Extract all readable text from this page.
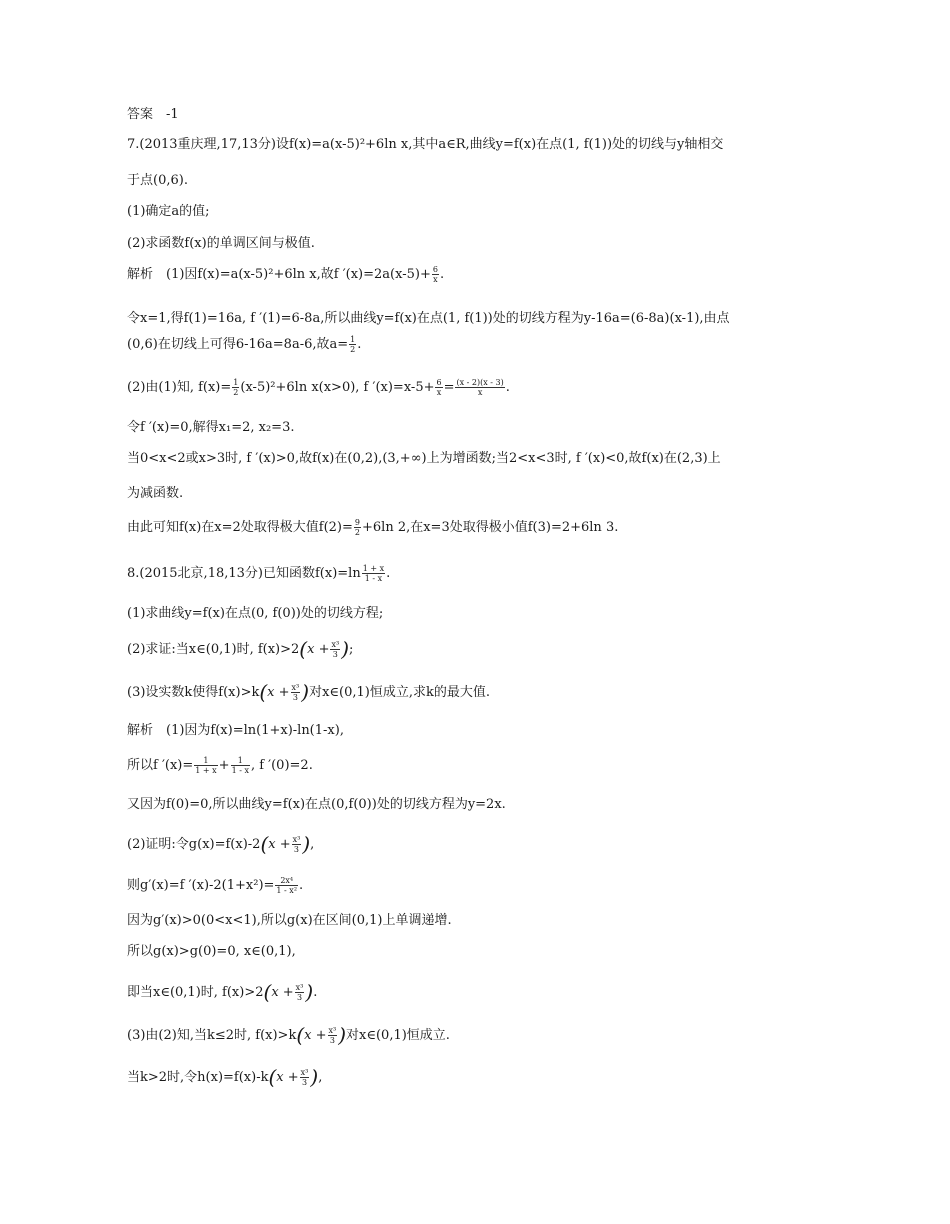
答案　-1
7.(2013重庆理,17,13分)设f(x)=a(x-5)²+6ln x,其中a∈R,曲线y=f(x)在点(1, f(1))处的切线与y轴相交
于点(0,6).
(1)确定a的值;
(2)求函数f(x)的单调区间与极值.
解析　(1)因f(x)=a(x-5)²+6ln x,故f $'(x)=2a(x-5)+ \frac{6}{x}$ .
令x=1,得f(1)=16a, f ′(1)=6-8a,所以曲线y=f(x)在点(1, f(1))处的切线方程为y-16a=(6-8a)(x-1),由点
(0,6)在切线上可得6-16a=8a-6,故$a= \frac{1}{2}$ .
(2)由(1)知, $f(x)= \frac{1}{2} (x-5)^2+6\ln$ x(x>0), f $'(x)=x-5+ \frac{6}{x} = \frac{(x - 2)(x - 3)}{x}$ .
令f ′(x)=0,解得x₁=2, x₂=3.
当0<x<2或x>3时, f ′(x)>0,故f(x)在(0,2),(3,+∞)上为增函数;当2<x<3时, f ′(x)<0,故f(x)在(2,3)上
为减函数.
由此可知f(x)在x=2处取得极大值$f(2)= \frac{9}{2} +6\ln$ 2,在x=3处取得极小值f(3)=2+6ln 3.
8.(2015北京,18,13分)已知函数$f(x)=\ln \frac{1 + x}{1 - x}$ .
(1)求曲线y=f(x)在点(0, f(0))处的切线方程;
(2)求证:当x∈(0,1)时, $f(x)>2(x + \frac{\text{x³}}{3}$ );
(3)设实数k使得$f(x)>k(x + \frac{\text{x³}}{3}$ )对x∈(0,1)恒成立,求k的最大值.
解析　(1)因为f(x)=ln(1+x)-ln(1-x),
所以f $'(x)= \frac{1}{1 + x} + \frac{1}{1 - x}$ , f ′(0)=2.
又因为f(0)=0,所以曲线y=f(x)在点(0,f(0))处的切线方程为y=2x.
(2)证明:令$g(x)=f(x)-2(x + \frac{\text{x³}}{3}$ ),
则g′(x)=f $'(x)-2(1+x^2)= \frac{\text{2x⁴}}{\text{1 - x²}}$ .
因为g′(x)>0(0<x<1),所以g(x)在区间(0,1)上单调递增.
所以g(x)>g(0)=0, x∈(0,1),
即当x∈(0,1)时, $f(x)>2(x + \frac{\text{x³}}{3}$ ).
(3)由(2)知,当k≤2时, $f(x)>k(x + \frac{\text{x³}}{3}$ )对x∈(0,1)恒成立.
当k>2时,令$h(x)=f(x)-k(x + \frac{\text{x³}}{3}$ ),
